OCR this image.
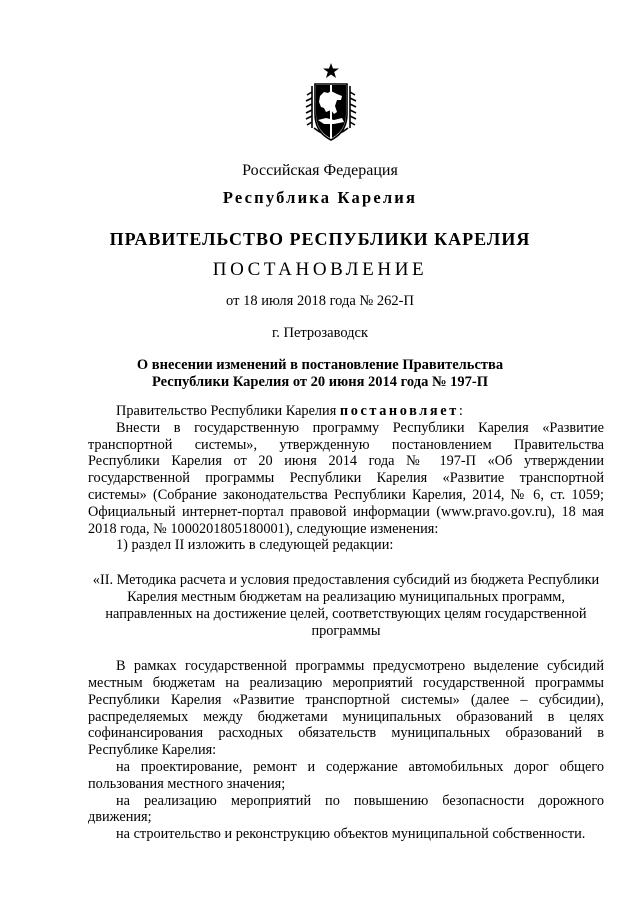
Российская Федерация
Республика Карелия
ПРАВИТЕЛЬСТВО РЕСПУБЛИКИ КАРЕЛИЯ
ПОСТАНОВЛЕНИЕ
от 18 июля 2018 года № 262-П
г. Петрозаводск
О внесении изменений в постановление Правительства
Республики Карелия от 20 июня 2014 года № 197-П

Правительство Республики Карелия постановляет:

Внести в государственную программу Республики Карелия «Развитие транспортной системы», утвержденную постановлением Правительства Республики Карелия от 20 июня 2014 года № 197-П «Об утверждении государственной программы Республики Карелия «Развитие транспортной системы» (Собрание законодательства Республики Карелия, 2014, № 6, ст. 1059; Официальный интернет-портал правовой информации (www.pravo.gov.ru), 18 мая 2018 года, № 1000201805180001), следующие изменения:

1) раздел II изложить в следующей редакции:

«II. Методика расчета и условия предоставления субсидий из бюджета Республики Карелия местным бюджетам на реализацию муниципальных программ, направленных на достижение целей, соответствующих целям государственной программы

В рамках государственной программы предусмотрено выделение субсидий местным бюджетам на реализацию мероприятий государственной программы Республики Карелия «Развитие транспортной системы» (далее – субсидии), распределяемых между бюджетами муниципальных образований в целях софинансирования расходных обязательств муниципальных образований в Республике Карелия:

на проектирование, ремонт и содержание автомобильных дорог общего пользования местного значения;

на реализацию мероприятий по повышению безопасности дорожного движения;

на строительство и реконструкцию объектов муниципальной собственности.
